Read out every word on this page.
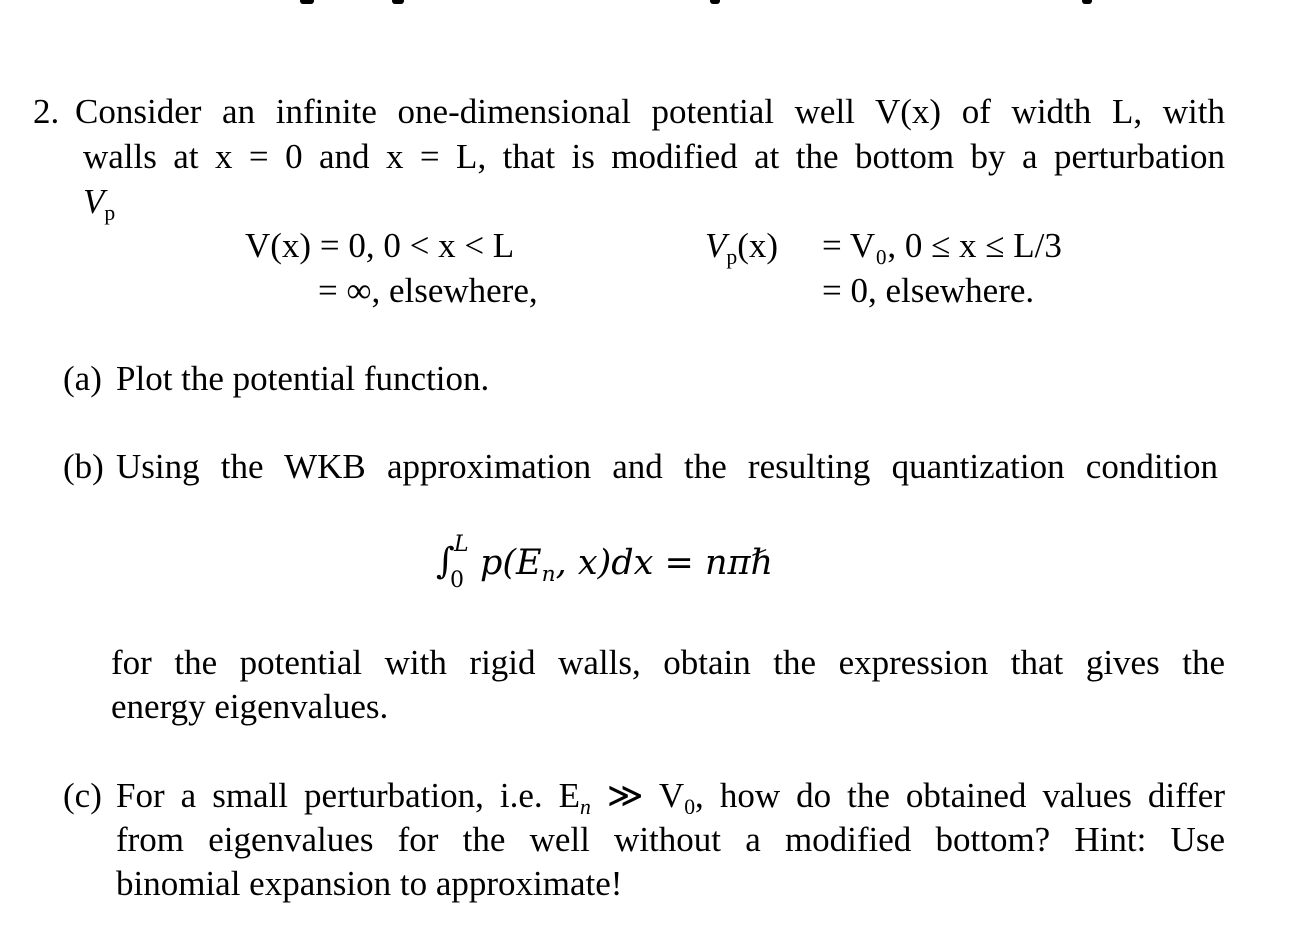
2. Consider an infinite one-dimensional potential well V(x) of width L, with
walls at x = 0 and x = L, that is modified at the bottom by a perturbation
Vp
V(x) = 0, 0 < x < L
= ∞, elsewhere,
Vp(x) = V₀, 0 ≤ x ≤ L/3
= 0, elsewhere.
(a) Plot the potential function.
(b) Using the WKB approximation and the resulting quantization condition
∫ L
0 p(En, x)dx = nπℏ
for the potential with rigid walls, obtain the expression that gives the
energy eigenvalues.
(c) For a small perturbation, i.e. En ≫ V0, how do the obtained values differ
from eigenvalues for the well without a modified bottom? Hint: Use
binomial expansion to approximate!
